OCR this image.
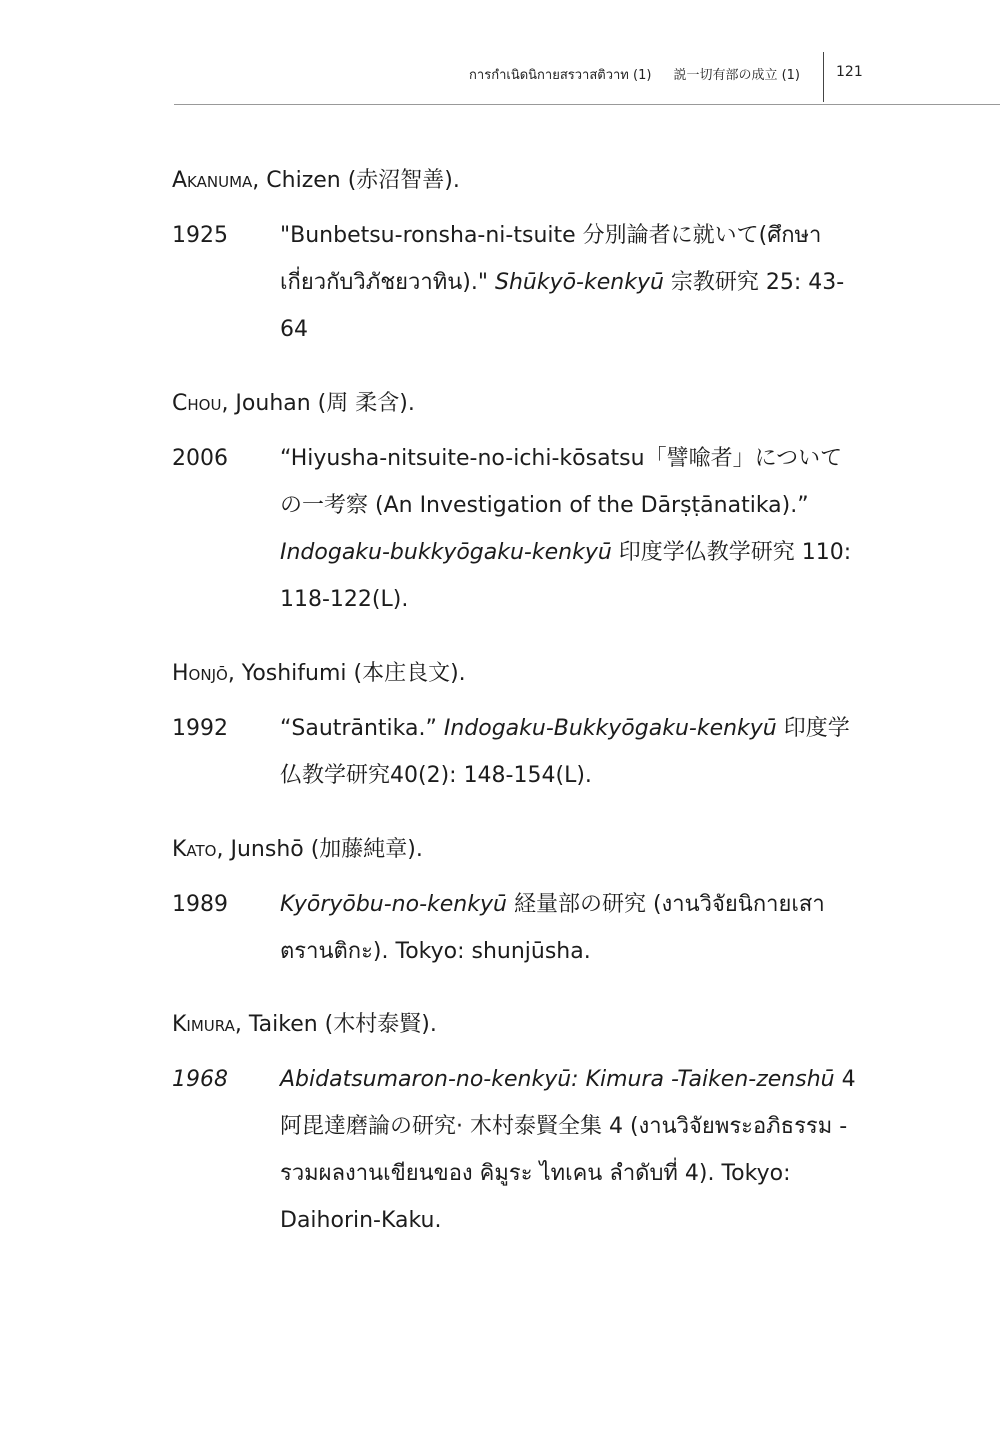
การกำเนิดนิกายสรวาสติวาท (1) 説一切有部の成立 (1)	121

Akanuma, Chizen (赤沼智善).

1925	"Bunbetsu-ronsha-ni-tsuite 分別論者に就いて(ศึกษาเกี่ยวกับวิภัชยวาทิน)." Shūkyō-kenkyū 宗教研究 25: 43-64

Chou, Jouhan (周 柔含).

2006	“Hiyusha-nitsuite-no-ichi-kōsatsu「譬喩者」についての一考察 (An Investigation of the Dārṣṭānatika).” Indogaku-bukkyōgaku-kenkyū 印度学仏教学研究 110: 118-122(L).

Honjō, Yoshifumi (本庄良文).

1992	“Sautrāntika.” Indogaku-Bukkyōgaku-kenkyū 印度学仏教学研究40(2): 148-154(L).

Kato, Junshō (加藤純章).

1989	Kyōryōbu-no-kenkyū 経量部の研究 (งานวิจัยนิกายเสาตรานติกะ). Tokyo: shunjūsha.

Kimura, Taiken (木村泰賢).

1968	Abidatsumaron-no-kenkyū: Kimura -Taiken-zenshū 4 阿毘達磨論の研究· 木村泰賢全集 4 (งานวิจัยพระอภิธรรม - รวมผลงานเขียนของ คิมูระ ไทเคน ลำดับที่ 4). Tokyo: Daihorin-Kaku.
